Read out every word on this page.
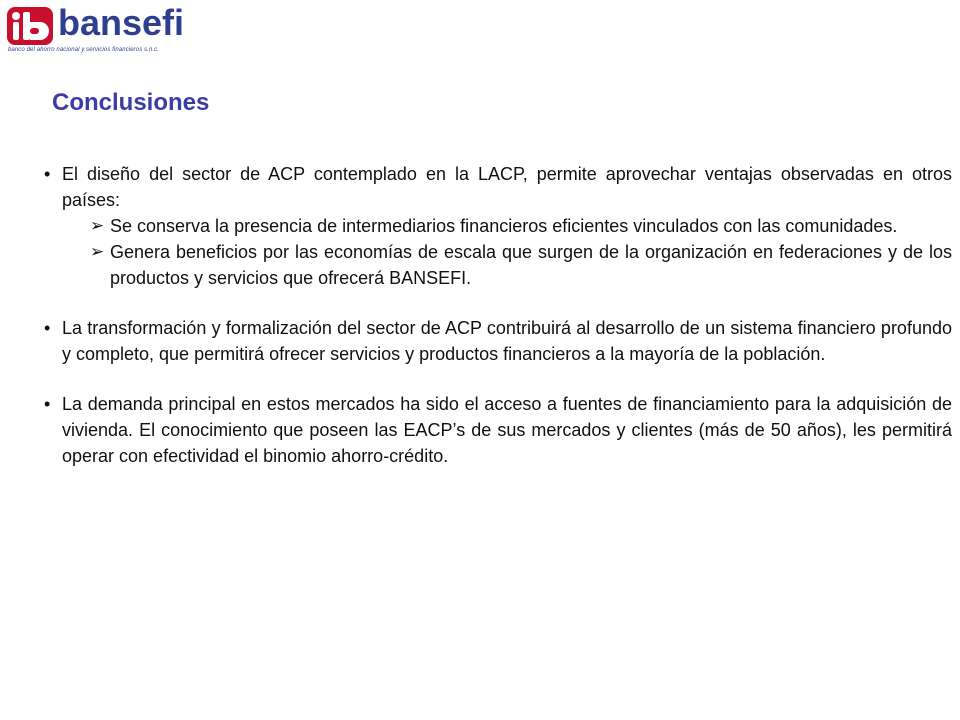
bansefi
banco del ahorro nacional y servicios financieros s.n.c.
Conclusiones
• El diseño del sector de ACP contemplado en la LACP, permite aprovechar ventajas observadas en otros países:
➢ Se conserva la presencia de intermediarios financieros eficientes vinculados con las comunidades.
➢ Genera beneficios por las economías de escala que surgen de la organización en federaciones y de los productos y servicios que ofrecerá BANSEFI.
• La transformación y formalización del sector de ACP contribuirá al desarrollo de un sistema financiero profundo y completo, que permitirá ofrecer servicios y productos financieros a la mayoría de la población.
• La demanda principal en estos mercados ha sido el acceso a fuentes de financiamiento para la adquisición de vivienda. El conocimiento que poseen las EACP’s de sus mercados y clientes (más de 50 años), les permitirá operar con efectividad el binomio ahorro-crédito.
